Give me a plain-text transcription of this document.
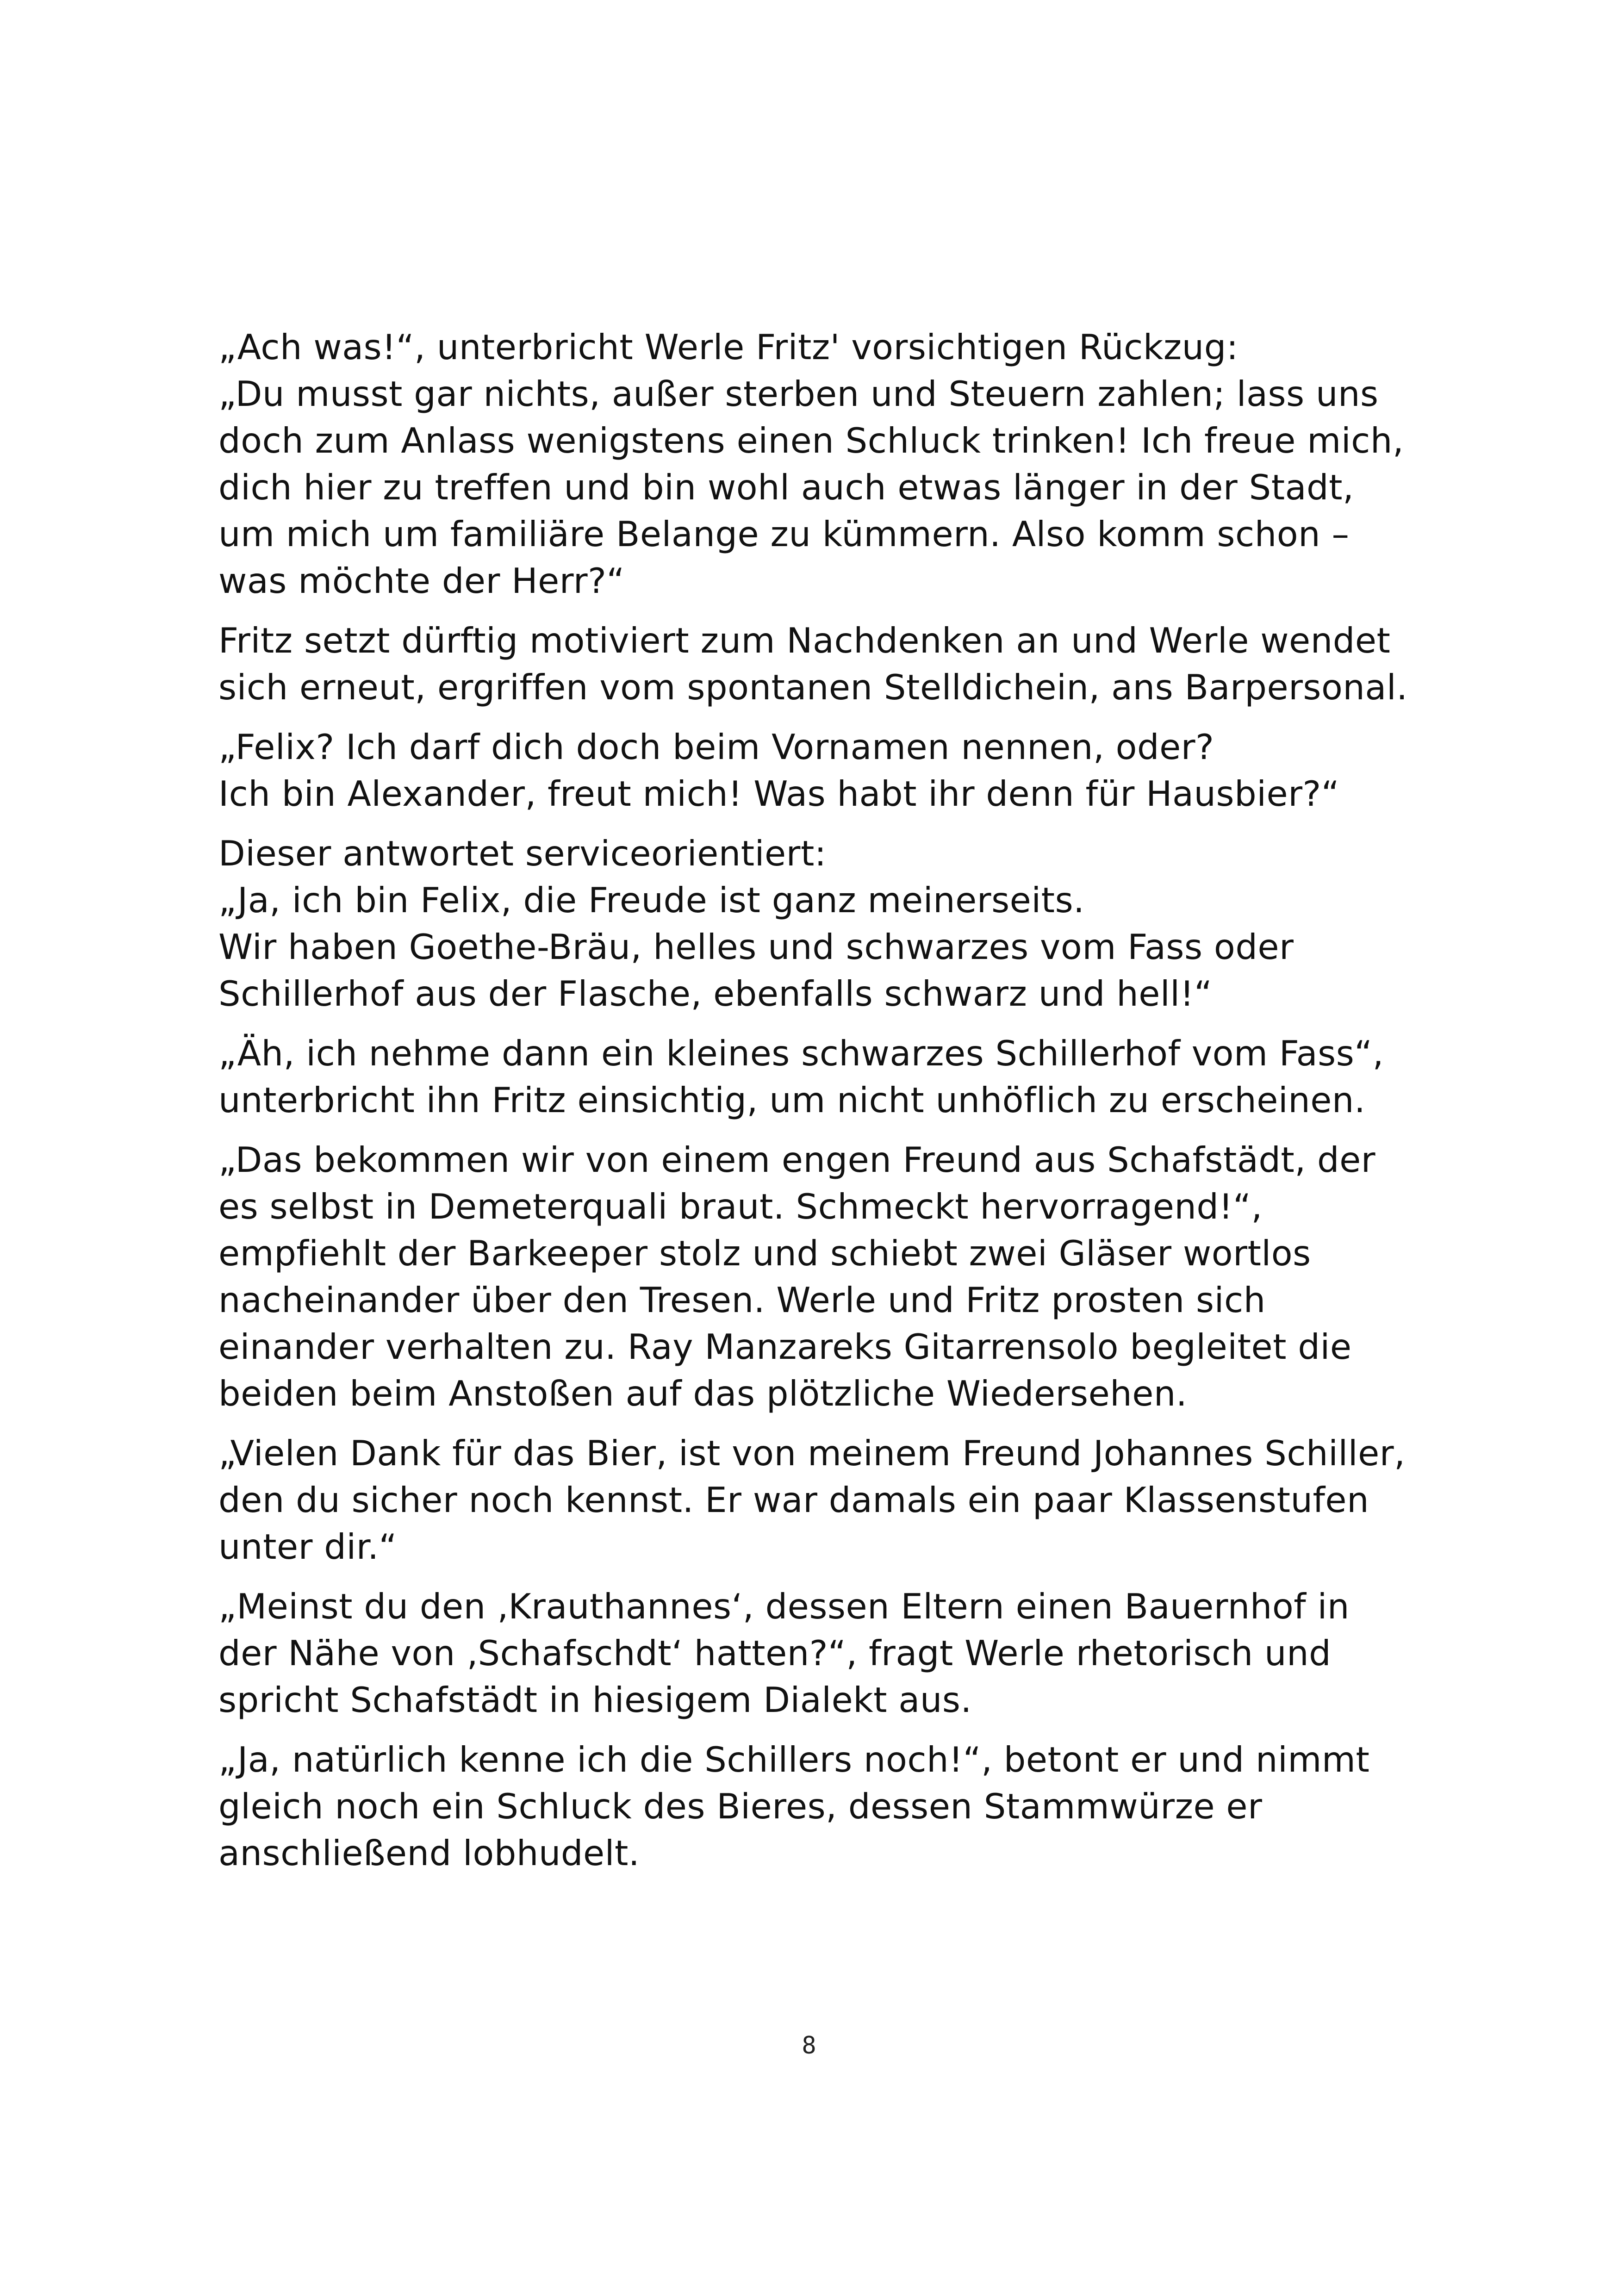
„Ach was!“, unterbricht Werle Fritz' vorsichtigen Rückzug:
„Du musst gar nichts, außer sterben und Steuern zahlen; lass uns
doch zum Anlass wenigstens einen Schluck trinken! Ich freue mich,
dich hier zu treffen und bin wohl auch etwas länger in der Stadt,
um mich um familiäre Belange zu kümmern. Also komm schon –
was möchte der Herr?“

Fritz setzt dürftig motiviert zum Nachdenken an und Werle wendet
sich erneut, ergriffen vom spontanen Stelldichein, ans Barpersonal.

„Felix? Ich darf dich doch beim Vornamen nennen, oder?
Ich bin Alexander, freut mich! Was habt ihr denn für Hausbier?“

Dieser antwortet serviceorientiert:
„Ja, ich bin Felix, die Freude ist ganz meinerseits.
Wir haben Goethe-Bräu, helles und schwarzes vom Fass oder
Schillerhof aus der Flasche, ebenfalls schwarz und hell!“

„Äh, ich nehme dann ein kleines schwarzes Schillerhof vom Fass“,
unterbricht ihn Fritz einsichtig, um nicht unhöflich zu erscheinen.

„Das bekommen wir von einem engen Freund aus Schafstädt, der
es selbst in Demeterquali braut. Schmeckt hervorragend!“,
empfiehlt der Barkeeper stolz und schiebt zwei Gläser wortlos
nacheinander über den Tresen. Werle und Fritz prosten sich
einander verhalten zu. Ray Manzareks Gitarrensolo begleitet die
beiden beim Anstoßen auf das plötzliche Wiedersehen.

„Vielen Dank für das Bier, ist von meinem Freund Johannes Schiller,
den du sicher noch kennst. Er war damals ein paar Klassenstufen
unter dir.“

„Meinst du den ‚Krauthannes‘, dessen Eltern einen Bauernhof in
der Nähe von ‚Schafschdt‘ hatten?“, fragt Werle rhetorisch und
spricht Schafstädt in hiesigem Dialekt aus.

„Ja, natürlich kenne ich die Schillers noch!“, betont er und nimmt
gleich noch ein Schluck des Bieres, dessen Stammwürze er
anschließend lobhudelt.

8
